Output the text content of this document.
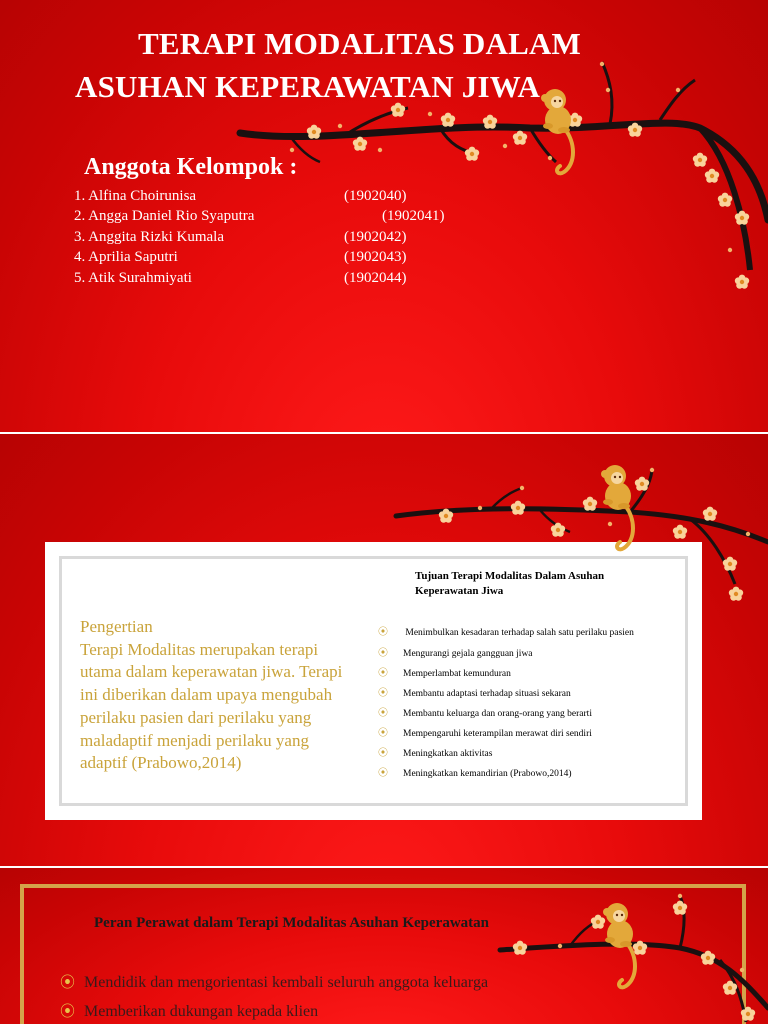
TERAPI MODALITAS DALAM
ASUHAN KEPERAWATAN JIWA
Anggota Kelompok :
1. Alfina Choirunisa	(1902040)
2. Angga Daniel Rio Syaputra	(1902041)
3. Anggita Rizki Kumala	(1902042)
4. Aprilia Saputri	(1902043)
5. Atik Surahmiyati	(1902044)
Pengertian
Terapi Modalitas merupakan terapi utama dalam keperawatan jiwa. Terapi ini diberikan dalam upaya mengubah perilaku pasien dari perilaku yang maladaptif menjadi perilaku yang adaptif (Prabowo,2014)
Tujuan Terapi Modalitas Dalam Asuhan Keperawatan Jiwa
⦿ Menimbulkan kesadaran terhadap salah satu perilaku pasien
⦿ Mengurangi gejala gangguan jiwa
⦿ Memperlambat kemunduran
⦿ Membantu adaptasi terhadap situasi sekaran
⦿ Membantu keluarga dan orang-orang yang berarti
⦿ Mempengaruhi keterampilan merawat diri sendiri
⦿ Meningkatkan aktivitas
⦿ Meningkatkan kemandirian (Prabowo,2014)
Peran Perawat dalam Terapi Modalitas Asuhan Keperawatan
⦿ Mendidik dan mengorientasi kembali seluruh anggota keluarga
⦿ Memberikan dukungan kepada klien
